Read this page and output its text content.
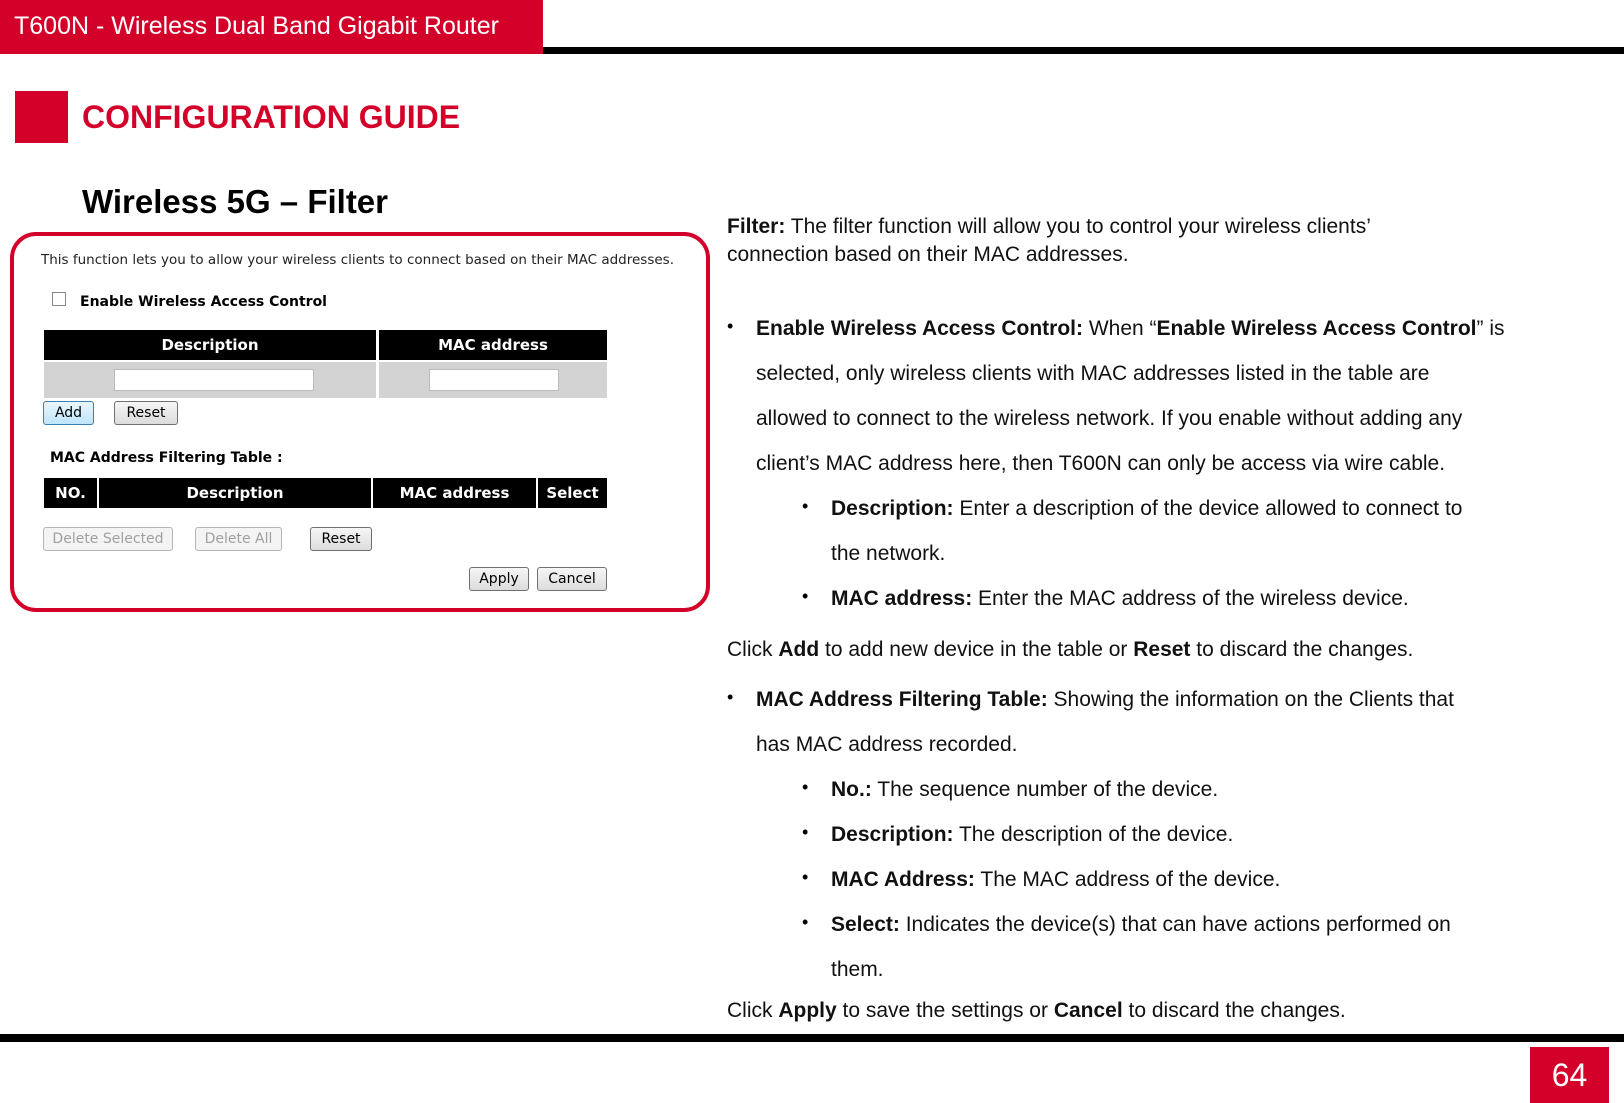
T600N - Wireless Dual Band Gigabit Router
CONFIGURATION GUIDE
Wireless 5G – Filter
This function lets you to allow your wireless clients to connect based on their MAC addresses.
Enable Wireless Access Control
Description	MAC address
Add	Reset
MAC Address Filtering Table :
NO.	Description	MAC address	Select
Delete Selected	Delete All	Reset
Apply	Cancel
Filter: The filter function will allow you to control your wireless clients’
connection based on their MAC addresses.
• Enable Wireless Access Control: When “Enable Wireless Access Control” is
selected, only wireless clients with MAC addresses listed in the table are
allowed to connect to the wireless network. If you enable without adding any
client’s MAC address here, then T600N can only be access via wire cable.
• Description: Enter a description of the device allowed to connect to
the network.
• MAC address: Enter the MAC address of the wireless device.
Click Add to add new device in the table or Reset to discard the changes.
• MAC Address Filtering Table: Showing the information on the Clients that
has MAC address recorded.
• No.: The sequence number of the device.
• Description: The description of the device.
• MAC Address: The MAC address of the device.
• Select: Indicates the device(s) that can have actions performed on
them.
Click Apply to save the settings or Cancel to discard the changes.
64
